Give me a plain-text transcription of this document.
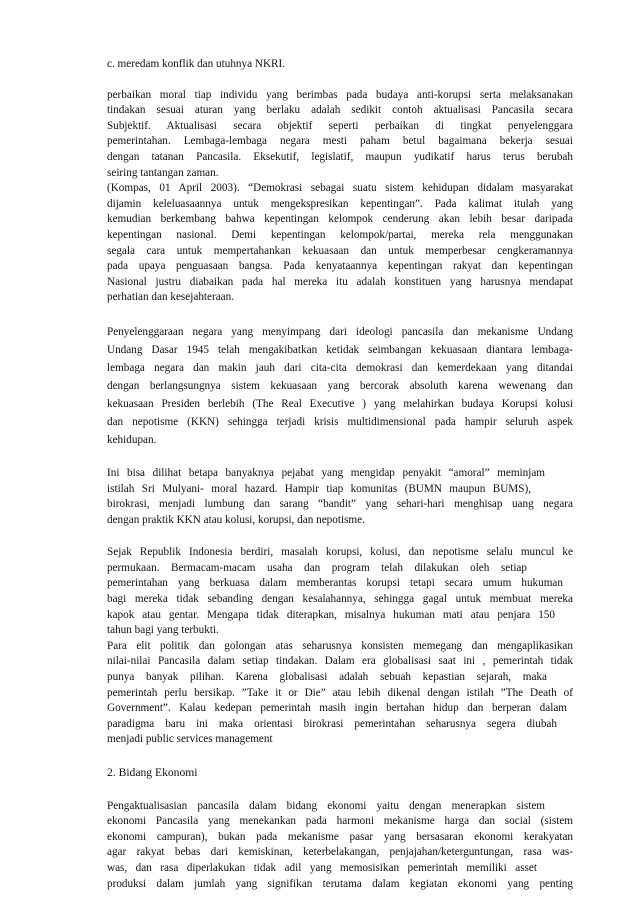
c. meredam konflik dan utuhnya NKRI.
perbaikan moral tiap individu yang berimbas pada budaya anti-korupsi serta melaksanakan
tindakan sesuai aturan yang berlaku adalah sedikit contoh aktualisasi Pancasila secara
Subjektif. Aktualisasi secara objektif seperti perbaikan di tingkat penyelenggara
pemerintahan. Lembaga-lembaga negara mesti paham betul bagaimana bekerja sesuai
dengan tatanan Pancasila. Eksekutif, legislatif, maupun yudikatif harus terus berubah
seiring tantangan zaman.
(Kompas, 01 April 2003). “Demokrasi sebagai suatu sistem kehidupan didalam masyarakat
dijamin keleluasaannya untuk mengekspresikan kepentingan”. Pada kalimat itulah yang
kemudian berkembang bahwa kepentingan kelompok cenderung akan lebih besar daripada
kepentingan nasional. Demi kepentingan kelompok/partai, mereka rela menggunakan
segala cara untuk mempertahankan kekuasaan dan untuk memperbesar cengkeramannya
pada upaya penguasaan bangsa. Pada kenyataannya kepentingan rakyat dan kepentingan
Nasional justru diabaikan pada hal mereka itu adalah konstituen yang harusnya mendapat
perhatian dan kesejahteraan.
Penyelenggaraan negara yang menyimpang dari ideologi pancasila dan mekanisme Undang
Undang Dasar 1945 telah mengakibatkan ketidak seimbangan kekuasaan diantara lembaga-
lembaga negara dan makin jauh dari cita-cita demokrasi dan kemerdekaan yang ditandai
dengan berlangsungnya sistem kekuasaan yang bercorak absoluth karena wewenang dan
kekuasaan Presiden berlebih (The Real Executive ) yang melahirkan budaya Korupsi kolusi
dan nepotisme (KKN) sehingga terjadi krisis multidimensional pada hampir seluruh aspek
kehidupan.
Ini bisa dilihat betapa banyaknya pejabat yang mengidap penyakit “amoral” meminjam
istilah Sri Mulyani- moral hazard. Hampir tiap komunitas (BUMN maupun BUMS),
birokrasi, menjadi lumbung dan sarang “bandit” yang sehari-hari menghisap uang negara
dengan praktik KKN atau kolusi, korupsi, dan nepotisme.
Sejak Republik Indonesia berdiri, masalah korupsi, kolusi, dan nepotisme selalu muncul ke
permukaan. Bermacam-macam usaha dan program telah dilakukan oleh setiap
pemerintahan yang berkuasa dalam memberantas korupsi tetapi secara umum hukuman
bagi mereka tidak sebanding dengan kesalahannya, sehingga gagal untuk membuat mereka
kapok atau gentar. Mengapa tidak diterapkan, misalnya hukuman mati atau penjara 150
tahun bagi yang terbukti.
Para elit politik dan golongan atas seharusnya konsisten memegang dan mengaplikasikan
nilai-nilai Pancasila dalam setiap tindakan. Dalam era globalisasi saat ini , pemerintah tidak
punya banyak pilihan. Karena globalisasi adalah sebuah kepastian sejarah, maka
pemerintah perlu bersikap. ”Take it or Die” atau lebih dikenal dengan istilah ”The Death of
Government”. Kalau kedepan pemerintah masih ingin bertahan hidup dan berperan dalam
paradigma baru ini maka orientasi birokrasi pemerintahan seharusnya segera diubah
menjadi public services management
2. Bidang Ekonomi
Pengaktualisasian pancasila dalam bidang ekonomi yaitu dengan menerapkan sistem
ekonomi Pancasila yang menekankan pada harmoni mekanisme harga dan social (sistem
ekonomi campuran), bukan pada mekanisme pasar yang bersasaran ekonomi kerakyatan
agar rakyat bebas dari kemiskinan, keterbelakangan, penjajahan/keterguntungan, rasa was-
was, dan rasa diperlakukan tidak adil yang memosisikan pemerintah memiliki asset
produksi dalam jumlah yang signifikan terutama dalam kegiatan ekonomi yang penting
